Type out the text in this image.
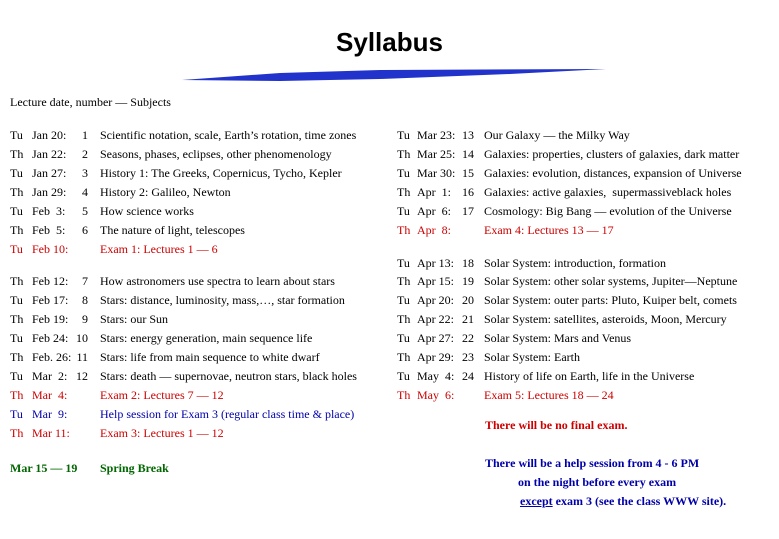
Syllabus
Lecture date, number — Subjects
Tu Jan 20:	1 Scientific notation, scale, Earth’s rotation, time zones
Th Jan 22:	2 Seasons, phases, eclipses, other phenomenology
Tu Jan 27:	3 History 1: The Greeks, Copernicus, Tycho, Kepler
Th Jan 29:	4 History 2: Galileo, Newton
Tu Feb  3:	5 How science works
Th Feb  5:	6 The nature of light, telescopes
Tu Feb 10:	Exam 1: Lectures 1 — 6
Th Feb 12:	7 How astronomers use spectra to learn about stars
Tu Feb 17:	8 Stars: distance, luminosity, mass,…, star formation
Th Feb 19:	9 Stars: our Sun
Tu Feb 24: 10 Stars: energy generation, main sequence life
Th Feb. 26: 11 Stars: life from main sequence to white dwarf
Tu Mar  2: 12 Stars: death — supernovae, neutron stars, black holes
Th Mar  4:	Exam 2: Lectures 7 — 12
Tu Mar  9:	Help session for Exam 3 (regular class time & place)
Th Mar 11:	Exam 3: Lectures 1 — 12
Tu Mar 23: 13 Our Galaxy — the Milky Way
Th Mar 25: 14 Galaxies: properties, clusters of galaxies, dark matter
Tu Mar 30: 15 Galaxies: evolution, distances, expansion of Universe
Th Apr  1: 16 Galaxies: active galaxies,  supermassiveblack holes
Tu Apr  6: 17 Cosmology: Big Bang — evolution of the Universe
Th Apr  8:	Exam 4: Lectures 13 — 17
Tu Apr 13: 18 Solar System: introduction, formation
Th Apr 15: 19 Solar System: other solar systems, Jupiter—Neptune
Tu Apr 20: 20 Solar System: outer parts: Pluto, Kuiper belt, comets
Th Apr 22: 21 Solar System: satellites, asteroids, Moon, Mercury
Tu Apr 27: 22 Solar System: Mars and Venus
Th Apr 29: 23 Solar System: Earth
Tu May  4: 24 History of life on Earth, life in the Universe
Th May  6: Exam 5: Lectures 18 — 24
Mar 15 — 19 Spring Break
There will be no final exam.
There will be a help session from 4 - 6 PM
on the night before every exam
except exam 3 (see the class WWW site).
